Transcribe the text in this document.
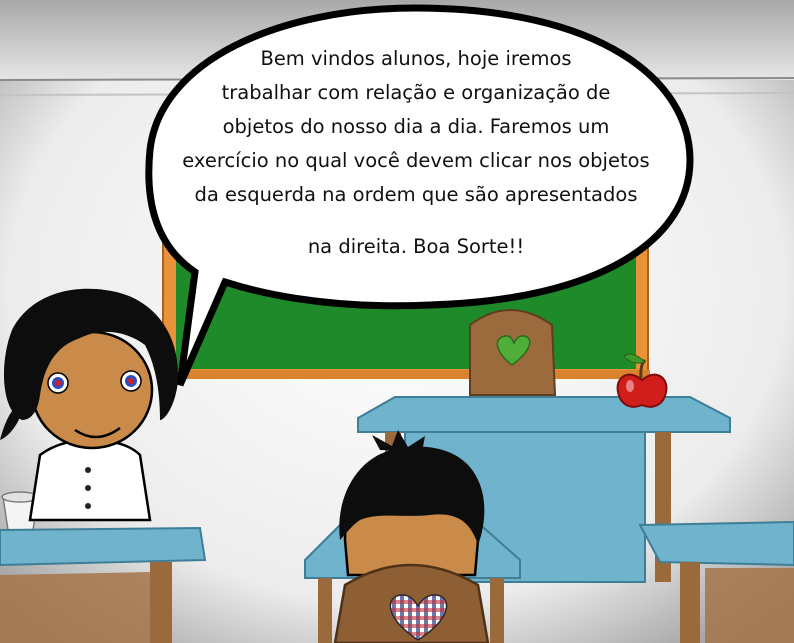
Bem vindos alunos, hoje iremos
trabalhar com relação e organização de
objetos do nosso dia a dia. Faremos um
exercício no qual você devem clicar nos objetos
da esquerda na ordem que são apresentados
na direita. Boa Sorte!!
